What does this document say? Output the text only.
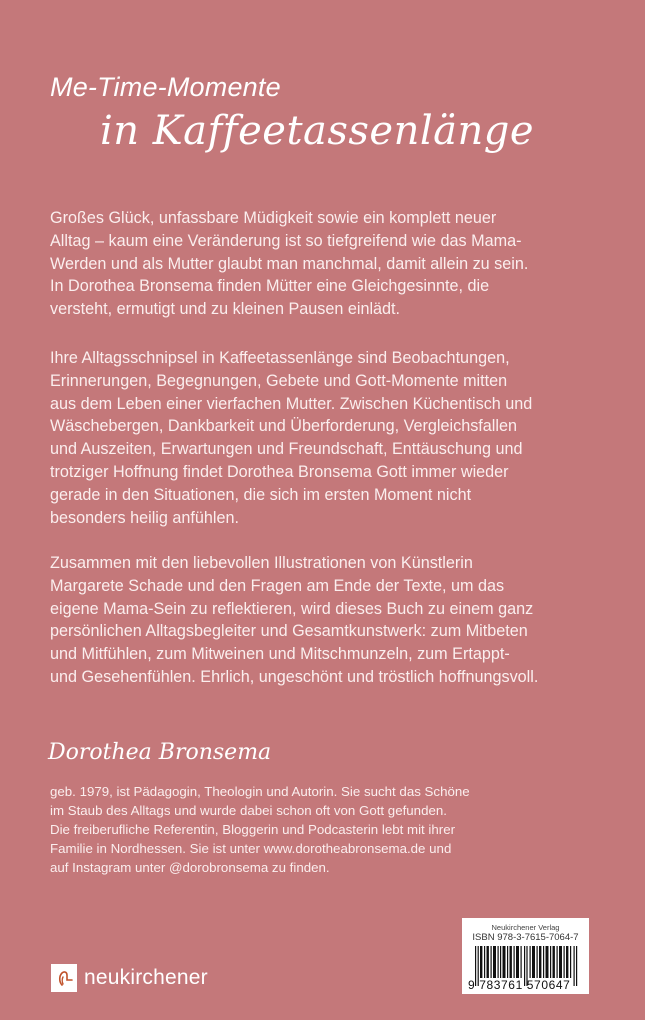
Me-Time-Momente
in Kaffeetassenlänge

Großes Glück, unfassbare Müdigkeit sowie ein komplett neuer
Alltag – kaum eine Veränderung ist so tiefgreifend wie das Mama-
Werden und als Mutter glaubt man manchmal, damit allein zu sein.
In Dorothea Bronsema finden Mütter eine Gleichgesinnte, die
versteht, ermutigt und zu kleinen Pausen einlädt.

Ihre Alltagsschnipsel in Kaffeetassenlänge sind Beobachtungen,
Erinnerungen, Begegnungen, Gebete und Gott-Momente mitten
aus dem Leben einer vierfachen Mutter. Zwischen Küchentisch und
Wäschebergen, Dankbarkeit und Überforderung, Vergleichsfallen
und Auszeiten, Erwartungen und Freundschaft, Enttäuschung und
trotziger Hoffnung findet Dorothea Bronsema Gott immer wieder
gerade in den Situationen, die sich im ersten Moment nicht
besonders heilig anfühlen.

Zusammen mit den liebevollen Illustrationen von Künstlerin
Margarete Schade und den Fragen am Ende der Texte, um das
eigene Mama-Sein zu reflektieren, wird dieses Buch zu einem ganz
persönlichen Alltagsbegleiter und Gesamtkunstwerk: zum Mitbeten
und Mitfühlen, zum Mitweinen und Mitschmunzeln, zum Ertappt-
und Gesehenfühlen. Ehrlich, ungeschönt und tröstlich hoffnungsvoll.

Dorothea Bronsema

geb. 1979, ist Pädagogin, Theologin und Autorin. Sie sucht das Schöne
im Staub des Alltags und wurde dabei schon oft von Gott gefunden.
Die freiberufliche Referentin, Bloggerin und Podcasterin lebt mit ihrer
Familie in Nordhessen. Sie ist unter www.dorotheabronsema.de und
auf Instagram unter @dorobronsema zu finden.

neukirchener
Neukirchener Verlag
ISBN 978-3-7615-7064-7
9 783761 570647
